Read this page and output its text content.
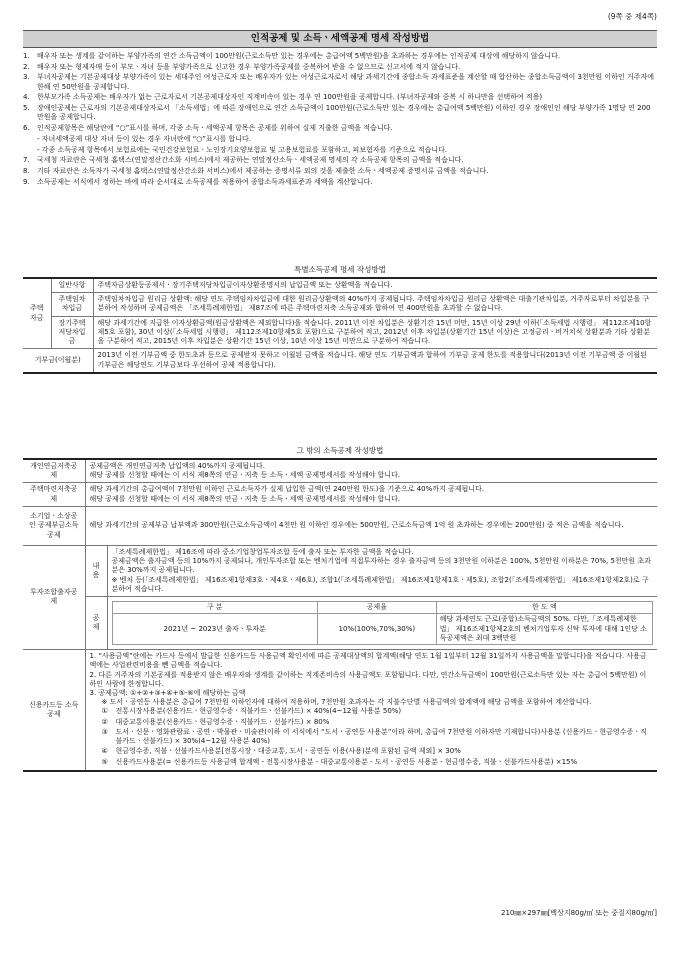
(9쪽 중 제4쪽)
인적공제 및 소득ㆍ세액공제 명세 작성방법
1.	배우자 또는 생계를 같이하는 부양가족의 연간 소득금액이 100만원(근로소득만 있는 경우에는 총급여액 5백만원)을 초과하는 경우에는 인적공제 대상에 해당하지 않습니다.
2.	배우자 또는 형제자매 등이 부모ㆍ자녀 등을 부양가족으로 신고한 경우 부양가족공제를 중복하여 받을 수 없으므로 신고서에 적지 않습니다.
3.	부녀자공제는 기본공제대상 부양가족이 있는 세대주인 여성근로자 또는 배우자가 있는 여성근로자로서 해당 과세기간에 종합소득 과세표준을 계산할 때 합산하는 종합소득금액이 3천만원 이하인 거주자에 한해 연 50만원을 공제합니다.
4.	한부모가족 소득공제는 배우자가 없는 근로자로서 기본공제대상자인 직계비속이 있는 경우 연 100만원을 공제합니다. (부녀자공제와 중복 시 하나만을 선택하여 적용)
5.	장애인공제는 근로자의 기본공제대상자로서 「소득세법」에 따른 장애인으로 연간 소득금액이 100만원(근로소득만 있는 경우에는 총급여액 5백만원) 이하인 경우 장애인인 해당 부양가족 1명당 연 200만원을 공제합니다.
6.	인적공제항목은 해당란에 “○”표시를 하며, 각종 소득ㆍ세액공제 항목은 공제를 위하여 실제 지출한 금액을 적습니다.
- 자녀세액공제 대상 자녀 등이 있는 경우 자녀란에 “○”표시를 합니다.
- 각종 소득공제 항목에서 보험료에는 국민건강보험료ㆍ노인장기요양보험료 및 고용보험료를 포함하고, 피보험자를 기준으로 적습니다.
7.	국세청 자료란은 국세청 홈택스(연말정산간소화 서비스)에서 제공하는 연말정산소득ㆍ세액공제 명세의 각 소득공제 항목의 금액을 적습니다.
8.	기타 자료란은 소득자가 국세청 홈택스(연말정산간소화 서비스)에서 제공하는 증명서류 외의 것을 제출한 소득ㆍ세액공제 증명서류 금액을 적습니다.
9.	소득공제는 서식에서 정하는 바에 따라 순서대로 소득공제를 적용하여 종합소득과세표준과 세액을 계산합니다.
특별소득공제 명세 작성방법
주택자금	일반사항	주택자금상환등공제서ㆍ장기주택저당차입금이자상환증명서의 납입금액 또는 상환액을 적습니다.
	주택임차차입금	주택임차차입금 원리금 상환액: 해당 연도 주택임차차입금에 대한 원리금상환액의 40%까지 공제됩니다. 주택임차차입금 원리금 상환액은 대출기관차입분, 거주자로부터 차입분을 구분하여 작성하며 공제금액은 「조세특례제한법」 제87조에 따른 주택마련저축 소득공제와 합하여 연 400만원을 초과할 수 없습니다.
	장기주택저당차입금	해당 과세기간에 지급한 이자상환금액(원금상환액은 제외합니다)을 적습니다. 2011년 이전 차입분은 상환기간 15년 미만, 15년 이상 29년 이하(「소득세법 시행령」 제112조제10항제5호 포함), 30년 이상(「소득세법 시행령」 제112조제10항제5호 포함)으로 구분하여 적고, 2012년 이후 차입분(상환기간 15년 이상)은 고정금리ㆍ비거치식 상환분과 기타 상환분을 구분하여 적고, 2015년 이후 차입분은 상환기간 15년 이상, 10년 이상 15년 미만으로 구분하여 적습니다.
기부금(이월분)		2013년 이전 기부금액 중 한도초과 등으로 공제받지 못하고 이월된 금액을 적습니다. 해당 연도 기부금액과 합하여 기부금 공제 한도를 적용합니다(2013년 이전 기부금액 중 이월된 기부금은 해당연도 기부금보다 우선하여 공제 적용합니다).
그 밖의 소득공제 작성방법
개인연금저축공제	
공제금액은 개인연금저축 납입액의 40%까지 공제됩니다.
해당 공제를 신청할 때에는 이 서식 제8쪽의 연금ㆍ저축 등 소득ㆍ세액 공제명세서를 작성해야 합니다.

주택마련저축공제	
해당 과세기간의 총급여액이 7천만원 이하인 근로소득자가 실제 납입한 금액(연 240만원 한도)을 기준으로 40%까지 공제됩니다.
해당 공제를 신청할 때에는 이 서식 제8쪽의 연금ㆍ저축 등 소득ㆍ세액 공제명세서를 작성해야 합니다.

소기업ㆍ소상공인 공제부금소득공제	해당 과세기간의 공제부금 납부액과 300만원(근로소득금액이 4천만 원 이하인 경우에는 500만원, 근로소득금액 1억 원 초과하는 경우에는 200만원) 중 적은 금액을 적습니다.
투자조합출자공제	내용	
「조세특례제한법」 제16조에 따라 중소기업창업투자조합 등에 출자 또는 투자한 금액을 적습니다.
공제금액은 출자금액 등의 10%까지 공제되나, 개인투자조합 또는 벤처기업에 직접투자하는 경우 출자금액 등의 3천만원 이하분은 100%, 5천만원 이하분은 70%, 5천만원 초과분은 30%까지 공제됩니다.
※ 벤처 등(「조세특례제한법」 제16조제1항제3호ㆍ제4호ㆍ제6호), 조합1(「조세특례제한법」 제16조제1항제1호ㆍ제5호), 조합2(「조세특례제한법」 제16조제1항제2호)로 구분하여 적습니다.

공제	
구 분	공제율	한 도 액
2021년 ~ 2023년 출자ㆍ투자분	10%(100%,70%,30%)	해당 과세연도 근로(종합)소득금액의 50%. 다만,「조세특례제한법」 제16조제1항제2호의 벤처기업투자 신탁 투자에 대해 1인당 소득공제액은 최대 3백만원

신용카드등 소득공제	
1. “사용금액”란에는 카드사 등에서 발급한 신용카드등 사용금액 확인서에 따른 공제대상액의 합계액(해당 연도 1월 1일부터 12월 31일까지 사용금액을 말합니다)을 적습니다. 사용금액에는 사업관련비용을 뺀 금액을 적습니다.
2. 다른 거주자의 기본공제를 적용받지 않은 배우자와 생계를 같이하는 직계존비속의 사용금액도 포함됩니다. 다만, 연간소득금액이 100만원(근로소득만 있는 자는 총급여 5백만원) 이하인 사람에 한정합니다.
3. 공제금액: ①+②+③+④+⑤-⑥에 해당하는 금액
※ 도서ㆍ공연등 사용분은 총급여 7천만원 이하인자에 대하여 적용하며, 7천만원 초과자는 각 지불수단별 사용금액의 합계액에 해당 금액을 포함하여 계산합니다.
①	전통시장사용분(신용카드ㆍ현금영수증ㆍ직불카드ㆍ선불카드) × 40%(4~12월 사용분 50%)
②	대중교통이용분(신용카드ㆍ현금영수증ㆍ직불카드ㆍ선불카드) × 80%
③	도서ㆍ신문ㆍ영화관람료ㆍ공연ㆍ박물관ㆍ미술관(이하 이 서식에서 “도서ㆍ공연등 사용분”이라 하며, 총급여 7천만원 이하자만 기재합니다)사용분 (신용카드ㆍ현금영수증ㆍ직불카드ㆍ선불카드) × 30%(4~12월 사용분 40%)
④	현금영수증, 직불ㆍ선불카드사용분[전통시장ㆍ대중교통, 도서ㆍ공연등 이용(사용)분에 포함된 금액 제외] × 30%
⑤	신용카드사용분(= 신용카드등 사용금액 합계액 - 전통시장사용분 - 대중교통이용분 - 도서ㆍ공연등 사용분 - 현금영수증, 직불ㆍ선불카드사용분) ×15%
210㎜×297㎜[백상지80g/㎡ 또는 중질지80g/㎡]
